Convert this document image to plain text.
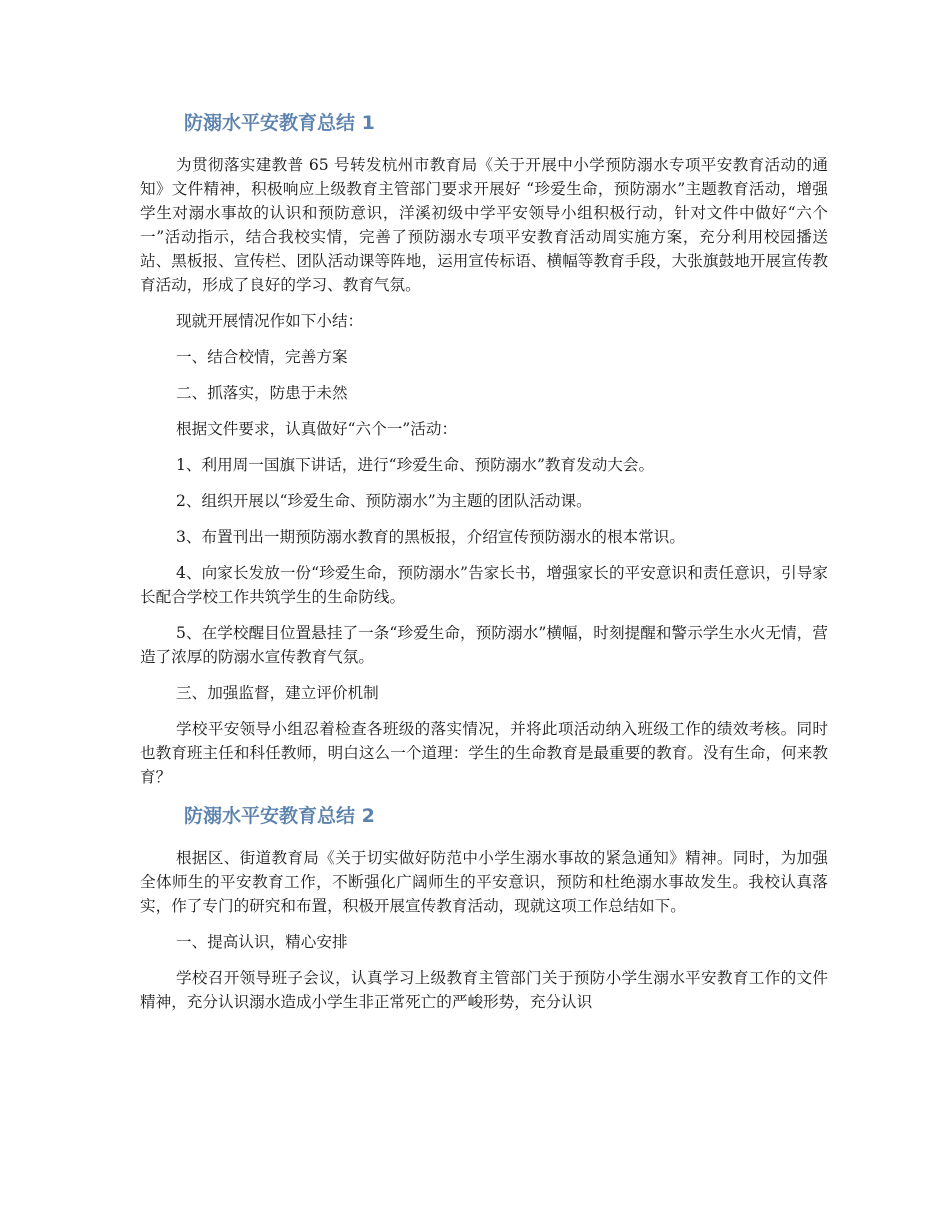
防溺水平安教育总结 1
为贯彻落实建教普 65 号转发杭州市教育局《关于开展中小学预防溺水专项平安教育活动的通知》文件精神，积极响应上级教育主管部门要求开展好 “珍爱生命，预防溺水”主题教育活动，增强学生对溺水事故的认识和预防意识，洋溪初级中学平安领导小组积极行动，针对文件中做好“六个一”活动指示，结合我校实情，完善了预防溺水专项平安教育活动周实施方案，充分利用校园播送站、黑板报、宣传栏、团队活动课等阵地，运用宣传标语、横幅等教育手段，大张旗鼓地开展宣传教育活动，形成了良好的学习、教育气氛。
现就开展情况作如下小结：
一、结合校情，完善方案
二、抓落实，防患于未然
根据文件要求，认真做好“六个一”活动：
1、利用周一国旗下讲话，进行“珍爱生命、预防溺水”教育发动大会。
2、组织开展以“珍爱生命、预防溺水”为主题的团队活动课。
3、布置刊出一期预防溺水教育的黑板报，介绍宣传预防溺水的根本常识。
4、向家长发放一份“珍爱生命，预防溺水”告家长书，增强家长的平安意识和责任意识，引导家长配合学校工作共筑学生的生命防线。
5、在学校醒目位置悬挂了一条“珍爱生命，预防溺水”横幅，时刻提醒和警示学生水火无情，营造了浓厚的防溺水宣传教育气氛。
三、加强监督，建立评价机制
学校平安领导小组忍着检查各班级的落实情况，并将此项活动纳入班级工作的绩效考核。同时也教育班主任和科任教师，明白这么一个道理：学生的生命教育是最重要的教育。没有生命，何来教育？
防溺水平安教育总结 2
根据区、街道教育局《关于切实做好防范中小学生溺水事故的紧急通知》精神。同时，为加强全体师生的平安教育工作，不断强化广阔师生的平安意识，预防和杜绝溺水事故发生。我校认真落实，作了专门的研究和布置，积极开展宣传教育活动，现就这项工作总结如下。
一、提高认识，精心安排
学校召开领导班子会议，认真学习上级教育主管部门关于预防小学生溺水平安教育工作的文件精神，充分认识溺水造成小学生非正常死亡的严峻形势，充分认识
